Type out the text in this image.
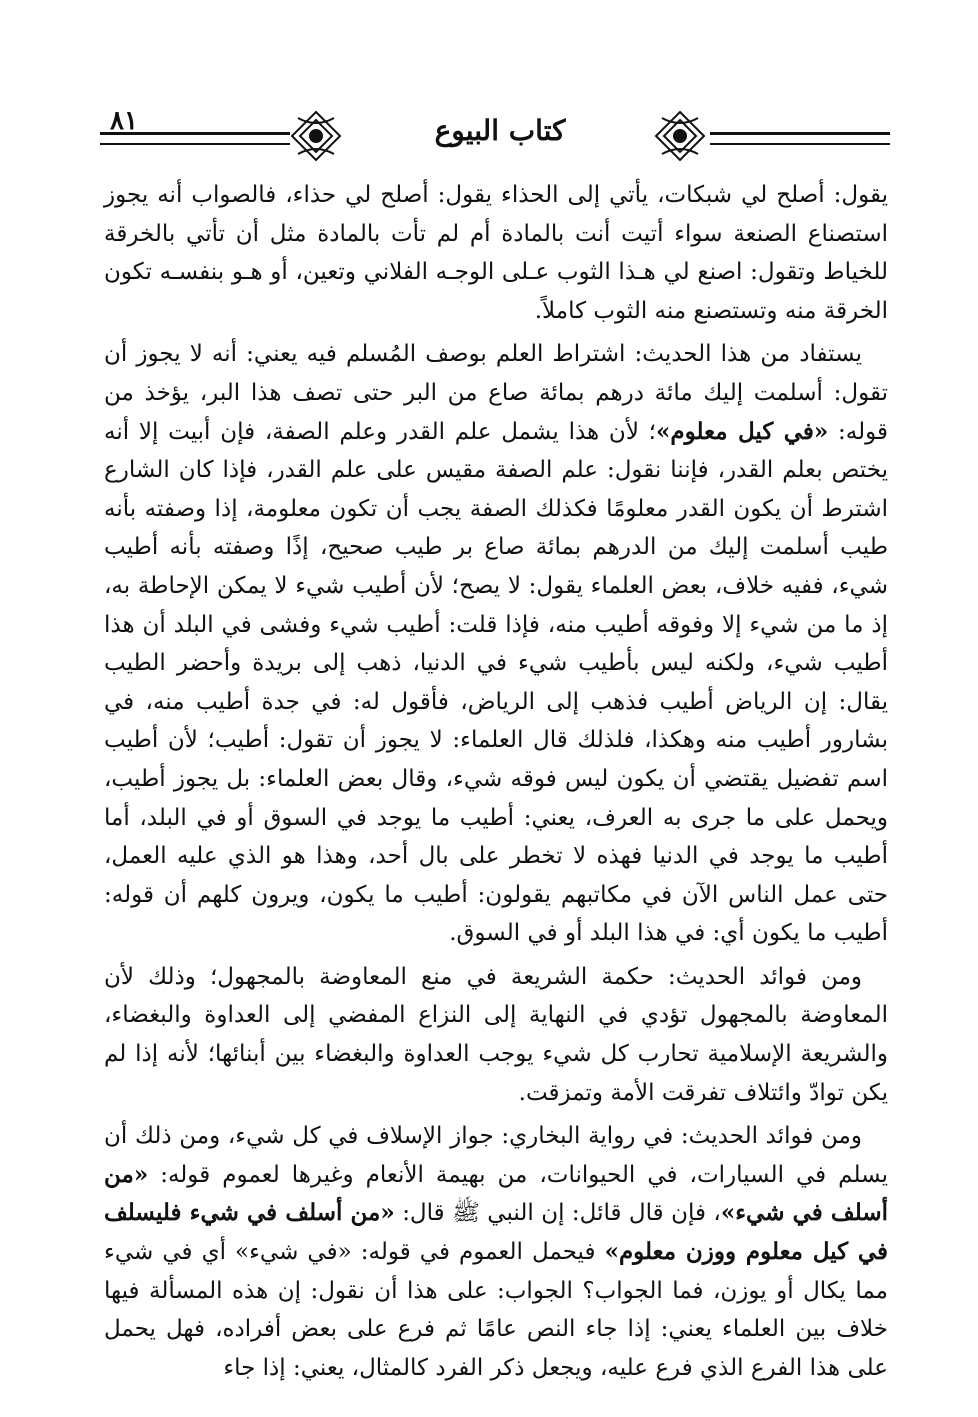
٨١	كتاب البيوع

يقول: أصلح لي شبكات، يأتي إلى الحذاء يقول: أصلح لي حذاء، فالصواب أنه يجوز استصناع الصنعة سواء أتيت أنت بالمادة أم لم تأت بالمادة مثل أن تأتي بالخرقة للخياط وتقول: اصنع لي هـذا الثوب عـلى الوجـه الفلاني وتعين، أو هـو بنفسـه تكون الخرقة منه وتستصنع منه الثوب كاملاً.

يستفاد من هذا الحديث: اشتراط العلم بوصف المُسلم فيه يعني: أنه لا يجوز أن تقول: أسلمت إليك مائة درهم بمائة صاع من البر حتى تصف هذا البر، يؤخذ من قوله: «في كيل معلوم»؛ لأن هذا يشمل علم القدر وعلم الصفة، فإن أبيت إلا أنه يختص بعلم القدر، فإننا نقول: علم الصفة مقيس على علم القدر، فإذا كان الشارع اشترط أن يكون القدر معلومًا فكذلك الصفة يجب أن تكون معلومة، إذا وصفته بأنه طيب أسلمت إليك من الدرهم بمائة صاع بر طيب صحيح، إذًا وصفته بأنه أطيب شيء، ففيه خلاف، بعض العلماء يقول: لا يصح؛ لأن أطيب شيء لا يمكن الإحاطة به، إذ ما من شيء إلا وفوقه أطيب منه، فإذا قلت: أطيب شيء وفشى في البلد أن هذا أطيب شيء، ولكنه ليس بأطيب شيء في الدنيا، ذهب إلى بريدة وأحضر الطيب يقال: إن الرياض أطيب فذهب إلى الرياض، فأقول له: في جدة أطيب منه، في بشارور أطيب منه وهكذا، فلذلك قال العلماء: لا يجوز أن تقول: أطيب؛ لأن أطيب اسم تفضيل يقتضي أن يكون ليس فوقه شيء، وقال بعض العلماء: بل يجوز أطيب، ويحمل على ما جرى به العرف، يعني: أطيب ما يوجد في السوق أو في البلد، أما أطيب ما يوجد في الدنيا فهذه لا تخطر على بال أحد، وهذا هو الذي عليه العمل، حتى عمل الناس الآن في مكاتبهم يقولون: أطيب ما يكون، ويرون كلهم أن قوله: أطيب ما يكون أي: في هذا البلد أو في السوق.

ومن فوائد الحديث: حكمة الشريعة في منع المعاوضة بالمجهول؛ وذلك لأن المعاوضة بالمجهول تؤدي في النهاية إلى النزاع المفضي إلى العداوة والبغضاء، والشريعة الإسلامية تحارب كل شيء يوجب العداوة والبغضاء بين أبنائها؛ لأنه إذا لم يكن توادّ وائتلاف تفرقت الأمة وتمزقت.

ومن فوائد الحديث: في رواية البخاري: جواز الإسلاف في كل شيء، ومن ذلك أن يسلم في السيارات، في الحيوانات، من بهيمة الأنعام وغيرها لعموم قوله: «من أسلف في شيء»، فإن قال قائل: إن النبي ﷺ قال: «من أسلف في شيء فليسلف في كيل معلوم ووزن معلوم» فيحمل العموم في قوله: «في شيء» أي في شيء مما يكال أو يوزن، فما الجواب؟ الجواب: على هذا أن نقول: إن هذه المسألة فيها خلاف بين العلماء يعني: إذا جاء النص عامًا ثم فرع على بعض أفراده، فهل يحمل على هذا الفرع الذي فرع عليه، ويجعل ذكر الفرد كالمثال، يعني: إذا جاء
